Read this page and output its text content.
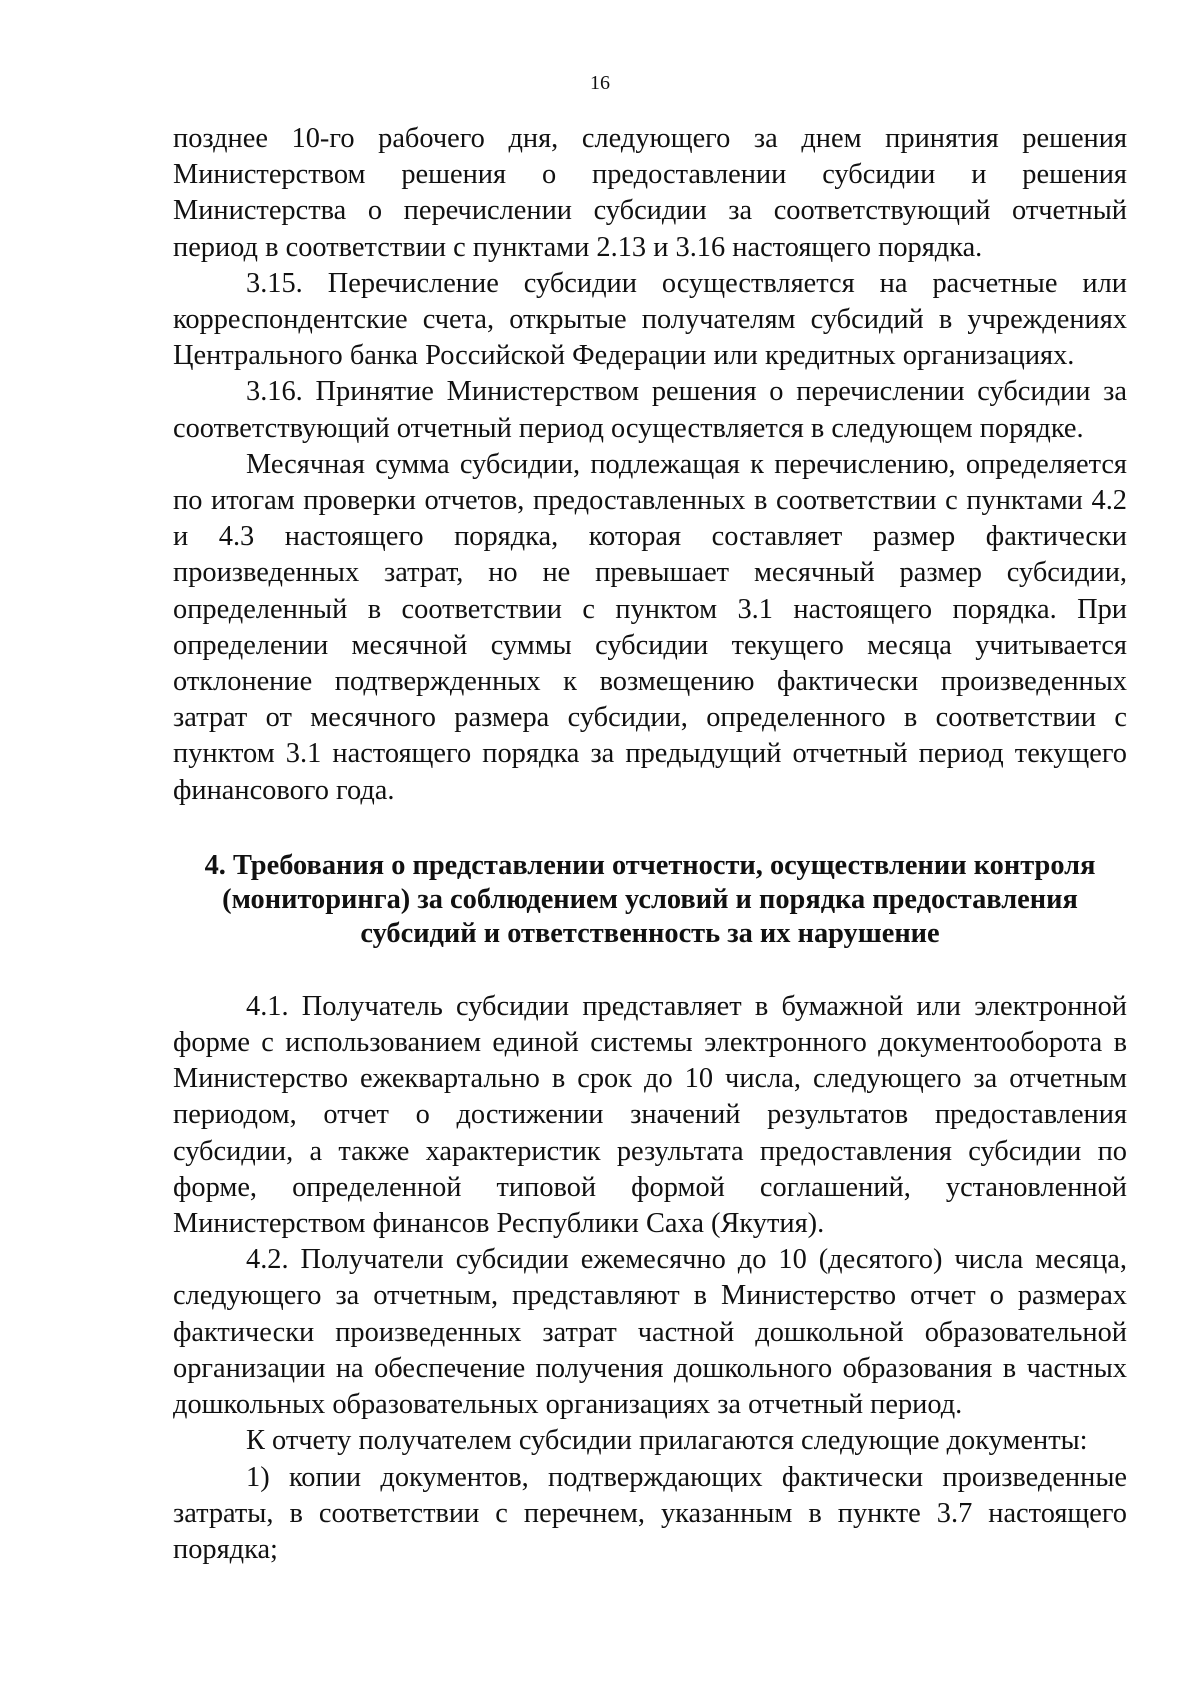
16

позднее 10-го рабочего дня, следующего за днем принятия решения Министерством решения о предоставлении субсидии и решения Министерства о перечислении субсидии за соответствующий отчетный период в соответствии с пунктами 2.13 и 3.16 настоящего порядка.

3.15. Перечисление субсидии осуществляется на расчетные или корреспондентские счета, открытые получателям субсидий в учреждениях Центрального банка Российской Федерации или кредитных организациях.

3.16. Принятие Министерством решения о перечислении субсидии за соответствующий отчетный период осуществляется в следующем порядке.

Месячная сумма субсидии, подлежащая к перечислению, определяется по итогам проверки отчетов, предоставленных в соответствии с пунктами 4.2 и 4.3 настоящего порядка, которая составляет размер фактически произведенных затрат, но не превышает месячный размер субсидии, определенный в соответствии с пунктом 3.1 настоящего порядка. При определении месячной суммы субсидии текущего месяца учитывается отклонение подтвержденных к возмещению фактически произведенных затрат от месячного размера субсидии, определенного в соответствии с пунктом 3.1 настоящего порядка за предыдущий отчетный период текущего финансового года.

4. Требования о представлении отчетности, осуществлении контроля
(мониторинга) за соблюдением условий и порядка предоставления
субсидий и ответственность за их нарушение

4.1. Получатель субсидии представляет в бумажной или электронной форме с использованием единой системы электронного документооборота в Министерство ежеквартально в срок до 10 числа, следующего за отчетным периодом, отчет о достижении значений результатов предоставления субсидии, а также характеристик результата предоставления субсидии по форме, определенной типовой формой соглашений, установленной Министерством финансов Республики Саха (Якутия).

4.2. Получатели субсидии ежемесячно до 10 (десятого) числа месяца, следующего за отчетным, представляют в Министерство отчет о размерах фактически произведенных затрат частной дошкольной образовательной организации на обеспечение получения дошкольного образования в частных дошкольных образовательных организациях за отчетный период.

К отчету получателем субсидии прилагаются следующие документы:

1) копии документов, подтверждающих фактически произведенные затраты, в соответствии с перечнем, указанным в пункте 3.7 настоящего порядка;
